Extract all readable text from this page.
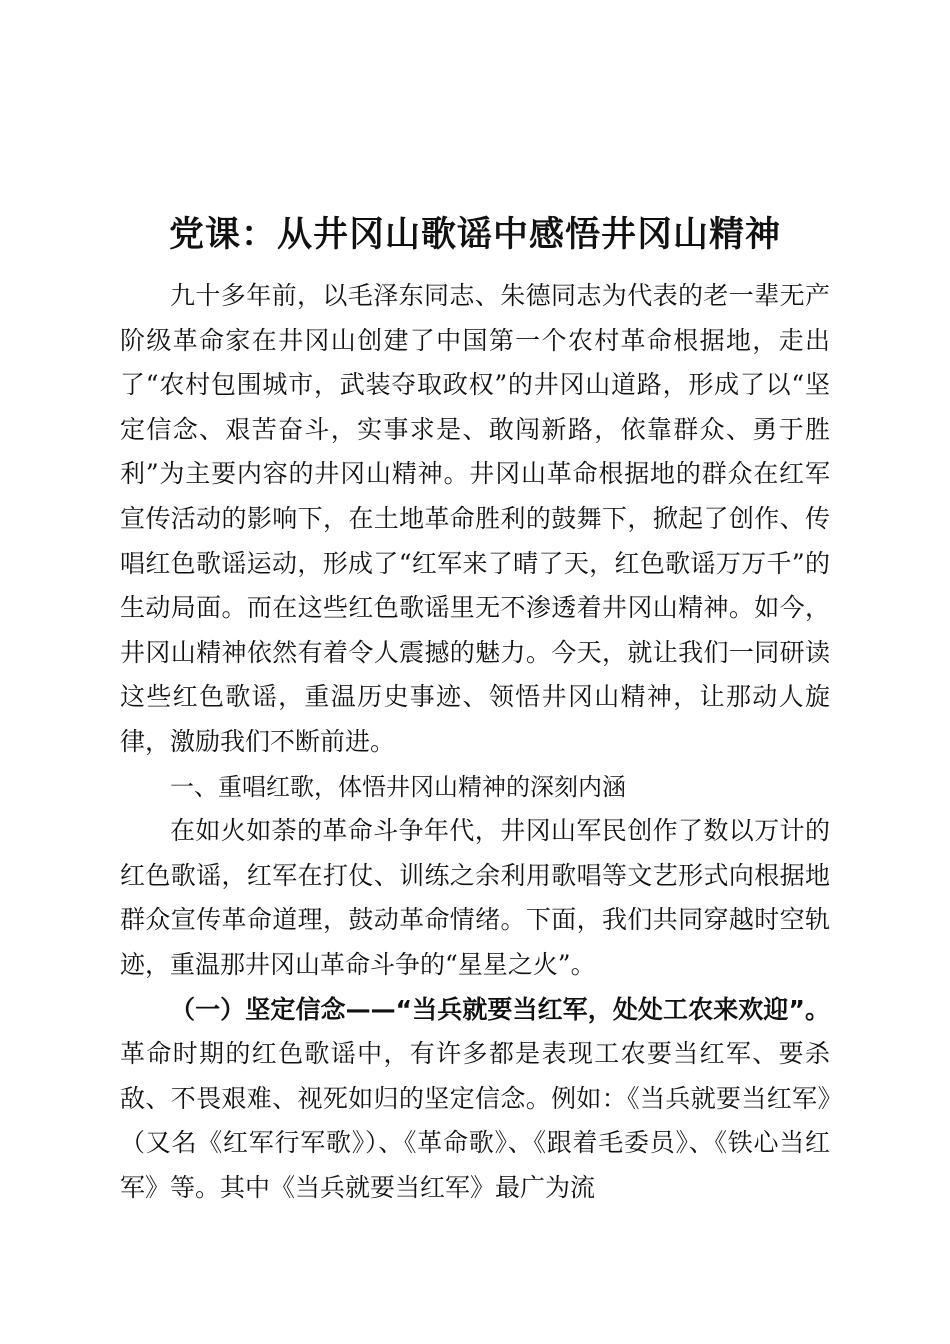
党课：从井冈山歌谣中感悟井冈山精神

九十多年前，以毛泽东同志、朱德同志为代表的老一辈无产阶级革命家在井冈山创建了中国第一个农村革命根据地，走出了“农村包围城市，武装夺取政权”的井冈山道路，形成了以“坚定信念、艰苦奋斗，实事求是、敢闯新路，依靠群众、勇于胜利”为主要内容的井冈山精神。井冈山革命根据地的群众在红军宣传活动的影响下，在土地革命胜利的鼓舞下，掀起了创作、传唱红色歌谣运动，形成了“红军来了晴了天，红色歌谣万万千”的生动局面。而在这些红色歌谣里无不渗透着井冈山精神。如今，井冈山精神依然有着令人震撼的魅力。今天，就让我们一同研读这些红色歌谣，重温历史事迹、领悟井冈山精神，让那动人旋律，激励我们不断前进。

一、重唱红歌，体悟井冈山精神的深刻内涵

在如火如荼的革命斗争年代，井冈山军民创作了数以万计的红色歌谣，红军在打仗、训练之余利用歌唱等文艺形式向根据地群众宣传革命道理，鼓动革命情绪。下面，我们共同穿越时空轨迹，重温那井冈山革命斗争的“星星之火”。

（一）坚定信念——“当兵就要当红军，处处工农来欢迎”。革命时期的红色歌谣中，有许多都是表现工农要当红军、要杀敌、不畏艰难、视死如归的坚定信念。例如：《当兵就要当红军》（又名《红军行军歌》）、《革命歌》、《跟着毛委员》、《铁心当红军》等。其中《当兵就要当红军》最广为流
